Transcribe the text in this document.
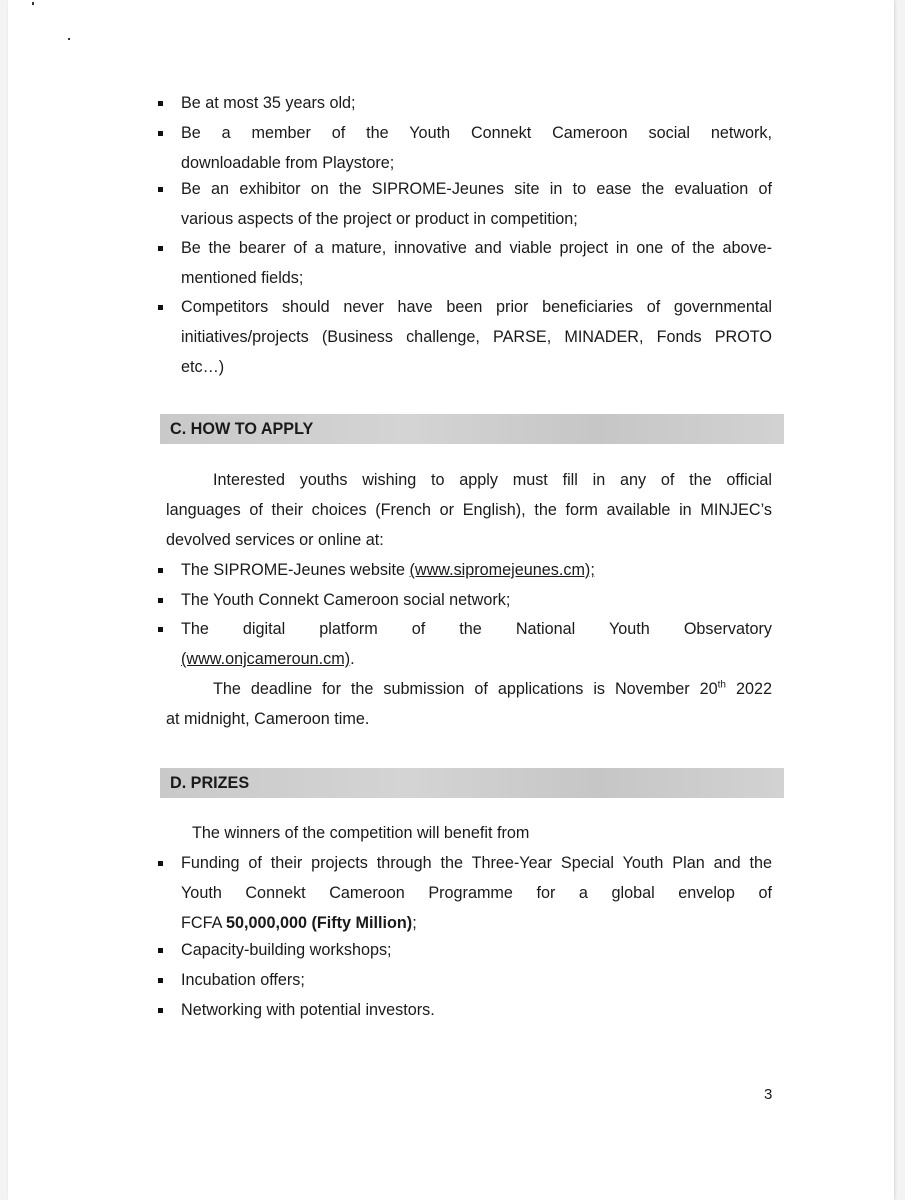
Be at most 35 years old;
Be a member of the Youth Connekt Cameroon social network,
downloadable from Playstore;
Be an exhibitor on the SIPROME-Jeunes site in to ease the evaluation of
various aspects of the project or product in competition;
Be the bearer of a mature, innovative and viable project in one of the above-
mentioned fields;
Competitors should never have been prior beneficiaries of governmental
initiatives/projects (Business challenge, PARSE, MINADER, Fonds PROTO
etc…)
C. HOW TO APPLY
Interested youths wishing to apply must fill in any of the official
languages of their choices (French or English), the form available in MINJEC’s
devolved services or online at:
The SIPROME-Jeunes website (www.sipromejeunes.cm);
The Youth Connekt Cameroon social network;
The digital platform of the National Youth Observatory
(www.onjcameroun.cm).
The deadline for the submission of applications is November 20th 2022
at midnight, Cameroon time.
D. PRIZES
The winners of the competition will benefit from
Funding of their projects through the Three-Year Special Youth Plan and the
Youth Connekt Cameroon Programme for a global envelop of
FCFA 50,000,000 (Fifty Million);
Capacity-building workshops;
Incubation offers;
Networking with potential investors.
3
